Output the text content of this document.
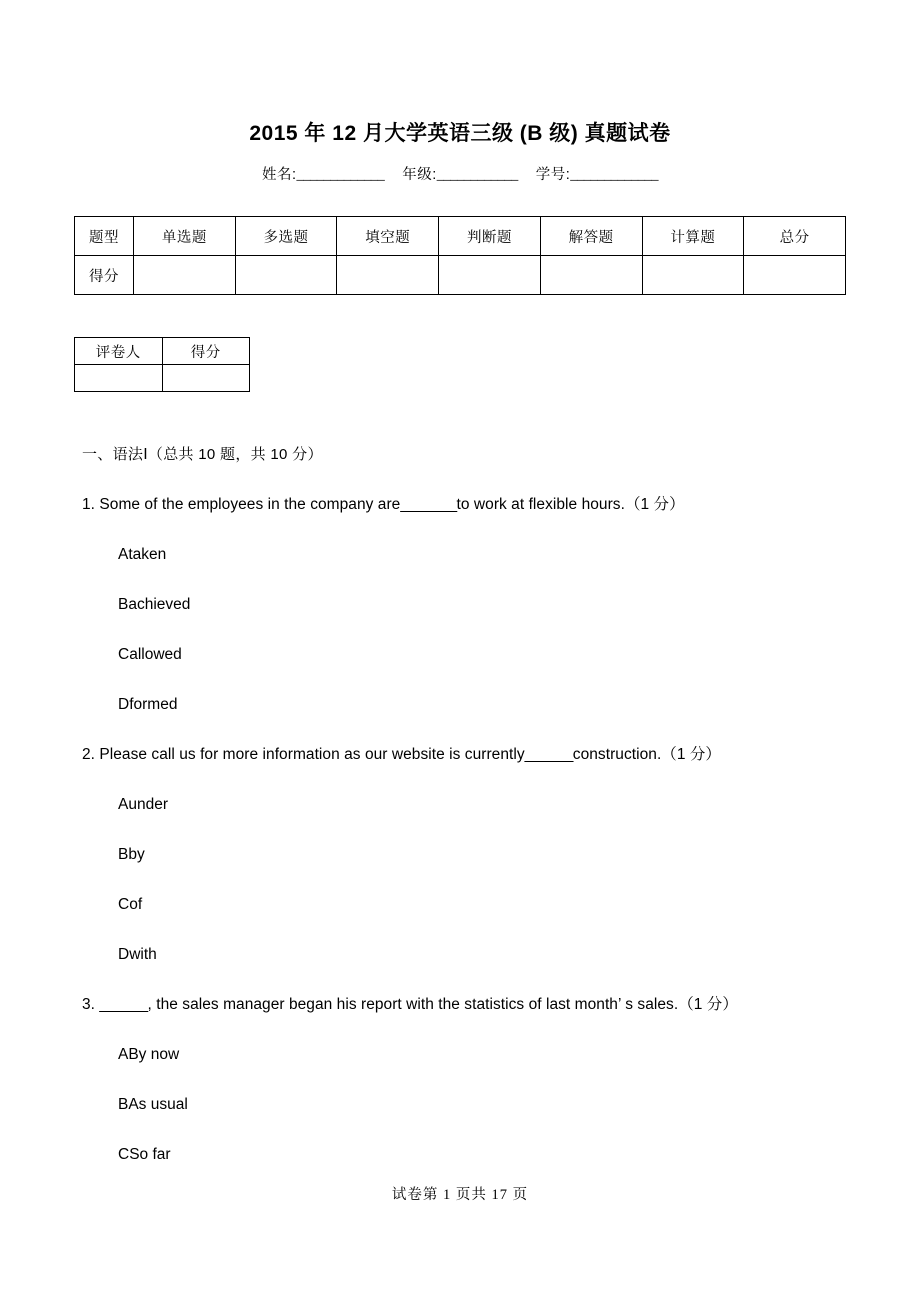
2015 年 12 月大学英语三级 (B 级) 真题试卷
姓名:_____________ 年级:____________ 学号:_____________
题型	单选题	多选题	填空题	判断题	解答题	计算题	总分
得分							
评卷人	得分

一、语法Ⅰ（总共 10 题，共 10 分）
1. Some of the employees in the company are_______to work at flexible hours.（1 分）
Ataken
Bachieved
Callowed
Dformed
2. Please call us for more information as our website is currently______construction.（1 分）
Aunder
Bby
Cof
Dwith
3. ______, the sales manager began his report with the statistics of last month’ s sales.（1 分）
ABy now
BAs usual
CSo far
试卷第 1 页共 17 页
